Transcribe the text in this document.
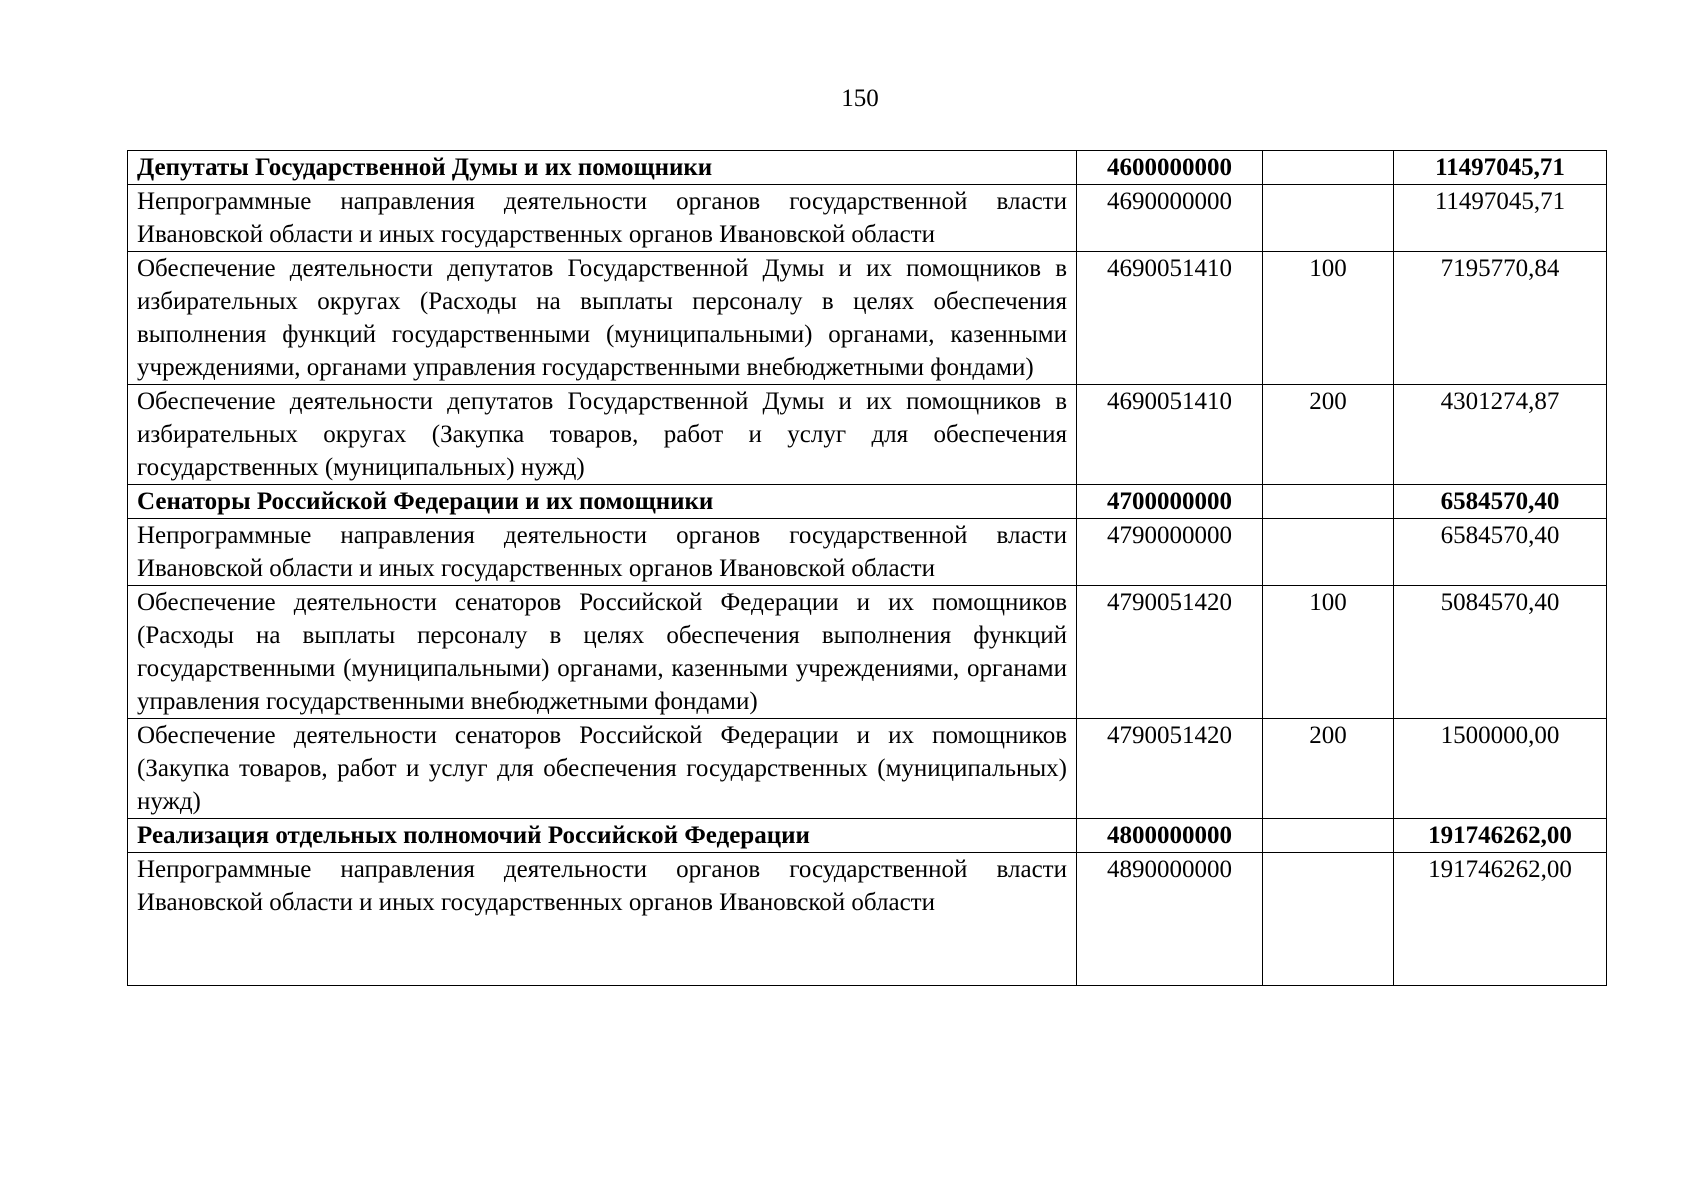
150
Депутаты Государственной Думы и их помощники	4600000000		11497045,71
Непрограммные направления деятельности органов государственной власти Ивановской области и иных государственных органов Ивановской области	4690000000		11497045,71
Обеспечение деятельности депутатов Государственной Думы и их помощников в избирательных округах (Расходы на выплаты персоналу в целях обеспечения выполнения функций государственными (муниципальными) органами, казенными учреждениями, органами управления государственными внебюджетными фондами)	4690051410	100	7195770,84
Обеспечение деятельности депутатов Государственной Думы и их помощников в избирательных округах (Закупка товаров, работ и услуг для обеспечения государственных (муниципальных) нужд)	4690051410	200	4301274,87
Сенаторы Российской Федерации и их помощники	4700000000		6584570,40
Непрограммные направления деятельности органов государственной власти Ивановской области и иных государственных органов Ивановской области	4790000000		6584570,40
Обеспечение деятельности сенаторов Российской Федерации и их помощников (Расходы на выплаты персоналу в целях обеспечения выполнения функций государственными (муниципальными) органами, казенными учреждениями, органами управления государственными внебюджетными фондами)	4790051420	100	5084570,40
Обеспечение деятельности сенаторов Российской Федерации и их помощников (Закупка товаров, работ и услуг для обеспечения государственных (муниципальных) нужд)	4790051420	200	1500000,00
Реализация отдельных полномочий Российской Федерации	4800000000		191746262,00
Непрограммные направления деятельности органов государственной власти Ивановской области и иных государственных органов Ивановской области	4890000000		191746262,00
